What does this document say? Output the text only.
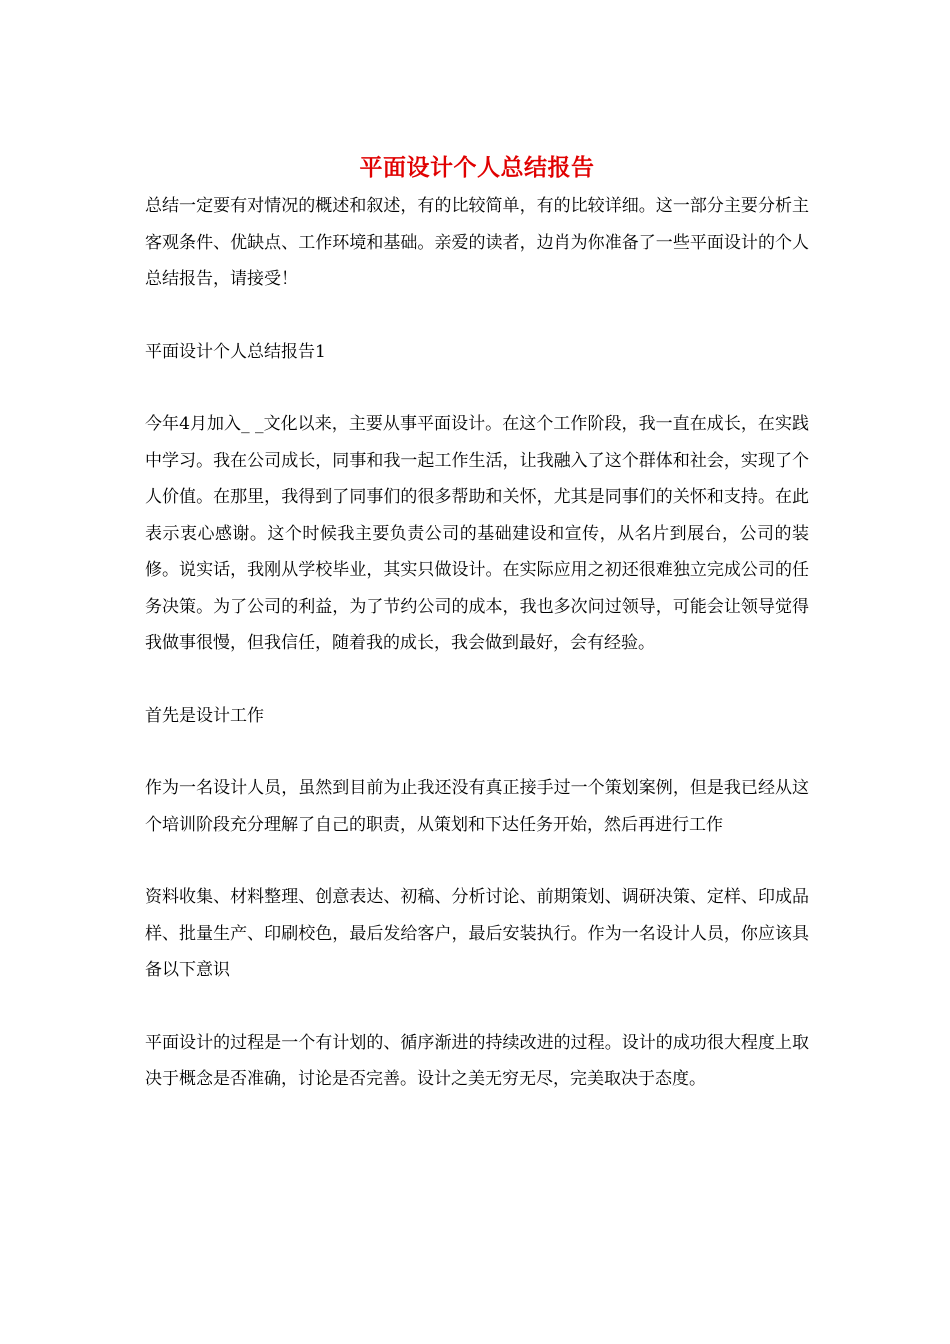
平面设计个人总结报告

总结一定要有对情况的概述和叙述，有的比较简单，有的比较详细。这一部分主要分析主客观条件、优缺点、工作环境和基础。亲爱的读者，边肖为你准备了一些平面设计的个人总结报告，请接受！

平面设计个人总结报告1

今年4月加入_ _文化以来，主要从事平面设计。在这个工作阶段，我一直在成长，在实践中学习。我在公司成长，同事和我一起工作生活，让我融入了这个群体和社会，实现了个人价值。在那里，我得到了同事们的很多帮助和关怀，尤其是同事们的关怀和支持。在此表示衷心感谢。这个时候我主要负责公司的基础建设和宣传，从名片到展台，公司的装修。说实话，我刚从学校毕业，其实只做设计。在实际应用之初还很难独立完成公司的任务决策。为了公司的利益，为了节约公司的成本，我也多次问过领导，可能会让领导觉得我做事很慢，但我信任，随着我的成长，我会做到最好，会有经验。

首先是设计工作

作为一名设计人员，虽然到目前为止我还没有真正接手过一个策划案例，但是我已经从这个培训阶段充分理解了自己的职责，从策划和下达任务开始，然后再进行工作

资料收集、材料整理、创意表达、初稿、分析讨论、前期策划、调研决策、定样、印成品样、批量生产、印刷校色，最后发给客户，最后安装执行。作为一名设计人员，你应该具备以下意识

平面设计的过程是一个有计划的、循序渐进的持续改进的过程。设计的成功很大程度上取决于概念是否准确，讨论是否完善。设计之美无穷无尽，完美取决于态度。
